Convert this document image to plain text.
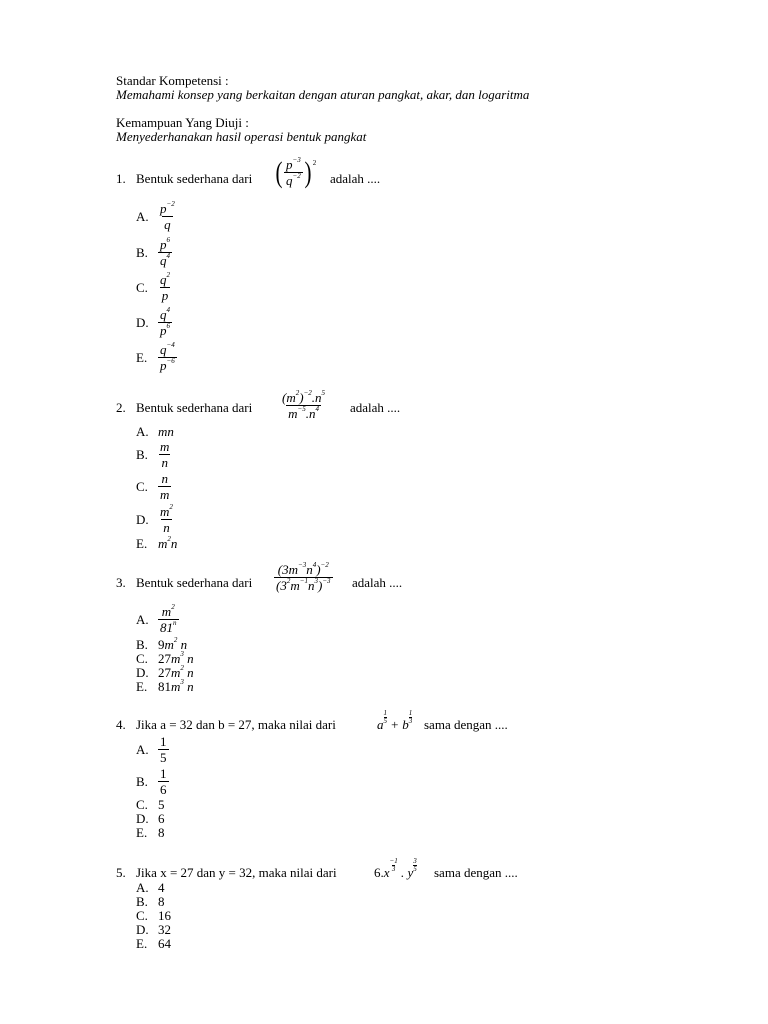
Standar Kompetensi :
Memahami konsep yang berkaitan dengan aturan pangkat, akar, dan logaritma
Kemampuan Yang Diuji :
Menyederhanakan hasil operasi bentuk pangkat
1. Bentuk sederhana dari ( $\frac{p^{-3}}{q^{-2}}$ ) 2
adalah ....
A. $\frac{p^{-2}}{q}$
B. $\frac{p^6}{q^4}$
C. $\frac{q^2}{p}$
D. $\frac{q^4}{p^6}$
E. $\frac{q^{-4}}{p^{-6}}$
2. Bentuk sederhana dari $\frac{(m^2)^{-2}.n^5}{m^{-5}.n^4}$ adalah ....
A. mn
B. $\frac{m}{n}$
C. $\frac{n}{m}$
D. $\frac{m^2}{n}$
E. $m^2n$
3. Bentuk sederhana dari $\frac{(3m^{-3}n^4)^{-2}}{(3^2m^{-1}n^3)^{-3}}$ adalah ....
A. $\frac{m^2}{81^n}$
B. $9m^2$ n
C. $27m^3$ n
D. $27m^2$ n
E. $81m^3$ n
4. Jika a = 32 dan b = 27, maka nilai dari	a $\frac{1}{5} + b \frac{1}{3}$ sama dengan ....
A. $\frac{1}{5}$
B. $\frac{1}{6}$
C. 5
D. 6
E. 8
5. Jika x = 27 dan y = 32, maka nilai dari	$6.x \frac{-1}{3}$ . y $\frac{3}{5}$ sama dengan ....
A. 4
B. 8
C. 16
D. 32
E. 64
